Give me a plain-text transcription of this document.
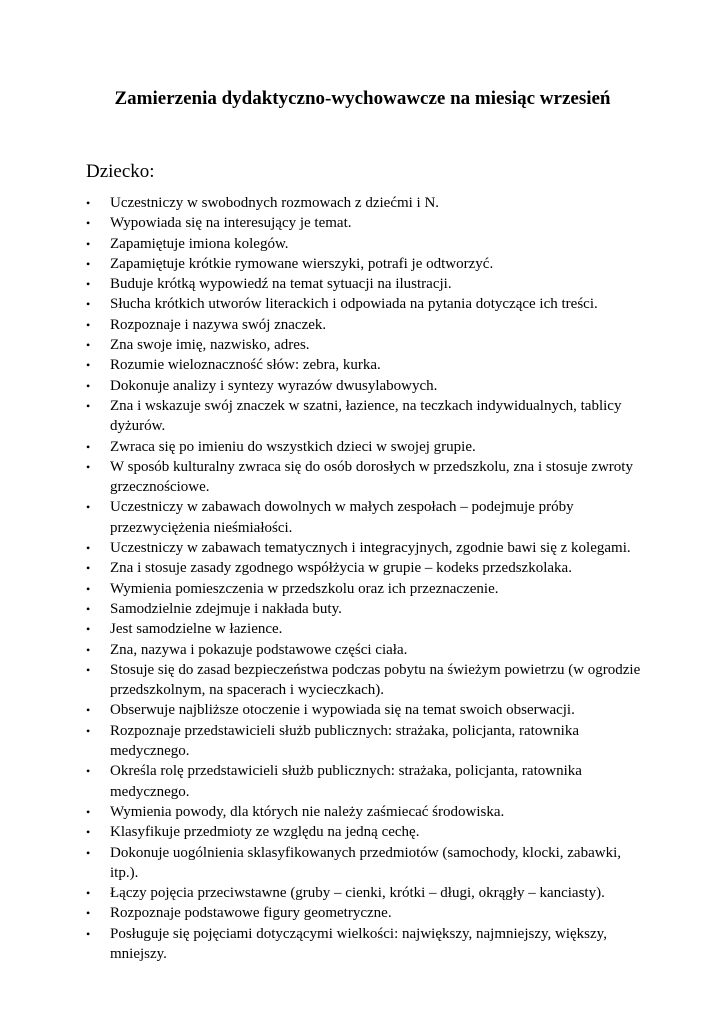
Zamierzenia dydaktyczno-wychowawcze na miesiąc wrzesień
Dziecko:
•	Uczestniczy w swobodnych rozmowach z dziećmi i N.
•	Wypowiada się na interesujący je temat.
•	Zapamiętuje imiona kolegów.
•	Zapamiętuje krótkie rymowane wierszyki, potrafi je odtworzyć.
•	Buduje krótką wypowiedź na temat sytuacji na ilustracji.
•	Słucha krótkich utworów literackich i odpowiada na pytania dotyczące ich treści.
•	Rozpoznaje i nazywa swój znaczek.
•	Zna swoje imię, nazwisko, adres.
•	Rozumie wieloznaczność słów: zebra, kurka.
•	Dokonuje analizy i syntezy wyrazów dwusylabowych.
•	Zna i wskazuje swój znaczek w szatni, łazience, na teczkach indywidualnych, tablicy dyżurów.
•	Zwraca się po imieniu do wszystkich dzieci w swojej grupie.
•	W sposób kulturalny zwraca się do osób dorosłych w przedszkolu, zna i stosuje zwroty grzecznościowe.
•	Uczestniczy w zabawach dowolnych w małych zespołach – podejmuje próby przezwyciężenia nieśmiałości.
•	Uczestniczy w zabawach tematycznych i integracyjnych, zgodnie bawi się z kolegami.
•	Zna i stosuje zasady zgodnego współżycia w grupie – kodeks przedszkolaka.
•	Wymienia pomieszczenia w przedszkolu oraz ich przeznaczenie.
•	Samodzielnie zdejmuje i nakłada buty.
•	Jest samodzielne w łazience.
•	Zna, nazywa i pokazuje podstawowe części ciała.
•	Stosuje się do zasad bezpieczeństwa podczas pobytu na świeżym powietrzu (w ogrodzie przedszkolnym, na spacerach i wycieczkach).
•	Obserwuje najbliższe otoczenie i wypowiada się na temat swoich obserwacji.
•	Rozpoznaje przedstawicieli służb publicznych: strażaka, policjanta, ratownika medycznego.
•	Określa rolę przedstawicieli służb publicznych: strażaka, policjanta, ratownika medycznego.
•	Wymienia powody, dla których nie należy zaśmiecać środowiska.
•	Klasyfikuje przedmioty ze względu na jedną cechę.
•	Dokonuje uogólnienia sklasyfikowanych przedmiotów (samochody, klocki, zabawki, itp.).
•	Łączy pojęcia przeciwstawne (gruby – cienki, krótki – długi, okrągły – kanciasty).
•	Rozpoznaje podstawowe figury geometryczne.
•	Posługuje się pojęciami dotyczącymi wielkości: największy, najmniejszy, większy, mniejszy.
